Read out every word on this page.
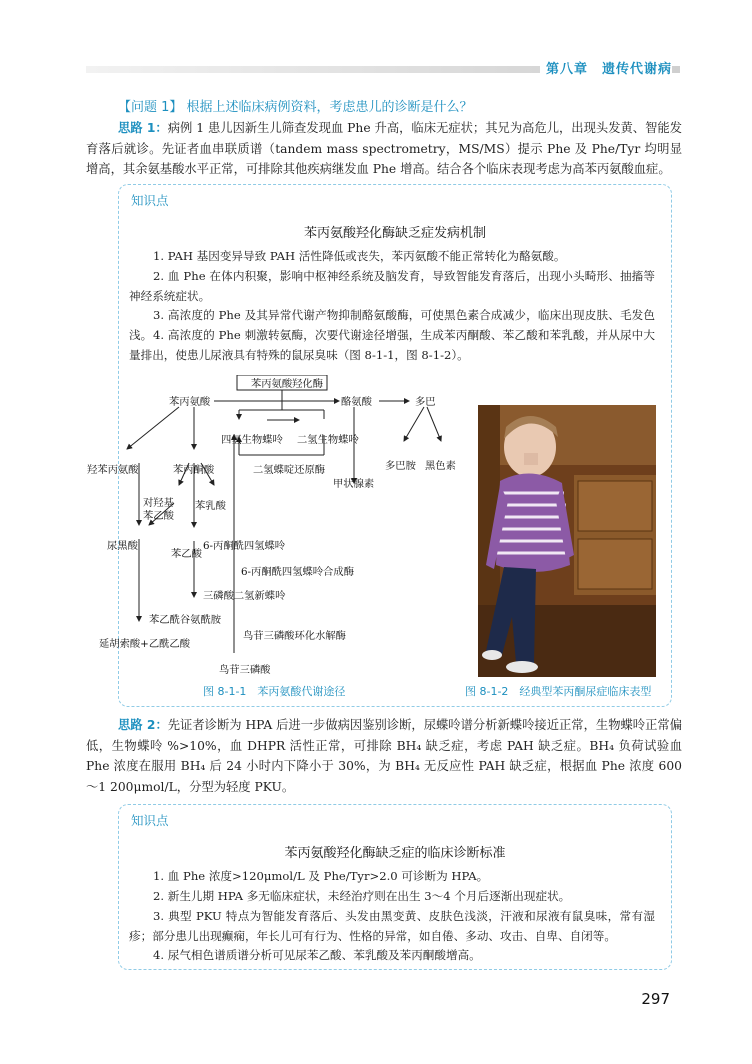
第八章　遗传代谢病
【问题 1】 根据上述临床病例资料，考虑患儿的诊断是什么？

思路 1：病例 1 患儿因新生儿筛查发现血 Phe 升高，临床无症状；其兄为高危儿，出现头发黄、智能发育落后就诊。先证者血串联质谱（tandem mass spectrometry，MS/MS）提示 Phe 及 Phe/Tyr 均明显增高，其余氨基酸水平正常，可排除其他疾病继发血 Phe 增高。结合各个临床表现考虑为高苯丙氨酸血症。

知识点
苯丙氨酸羟化酶缺乏症发病机制

1. PAH 基因变异导致 PAH 活性降低或丧失，苯丙氨酸不能正常转化为酪氨酸。

2. 血 Phe 在体内积聚，影响中枢神经系统及脑发育，导致智能发育落后，出现小头畸形、抽搐等神经系统症状。

3. 高浓度的 Phe 及其异常代谢产物抑制酪氨酸酶，可使黑色素合成减少，临床出现皮肤、毛发色浅。 4. 高浓度的 Phe 刺激转氨酶，次要代谢途径增强，生成苯丙酮酸、苯乙酸和苯乳酸，并从尿中大量排出，使患儿尿液具有特殊的鼠尿臭味（图 8-1-1，图 8-1-2）。

苯丙氨酸羟化酶
苯丙氨酸	酪氨酸	多巴
四氢生物蝶呤 二氢生物蝶呤
二氢蝶啶还原酶	多巴胺 黑色素
甲状腺素
羟苯丙氨酸	苯丙酮酸
对羟基
苯乙酸
苯乳酸
尿黑酸
苯乙酸
6-丙酮酰四氢蝶呤
6-丙酮酰四氢蝶呤合成酶
三磷酸二氢新蝶呤
苯乙酰谷氨酰胺
鸟苷三磷酸环化水解酶
延胡索酸+乙酰乙酸
鸟苷三磷酸
图 8-1-1　苯丙氨酸代谢途径	图 8-1-2　经典型苯丙酮尿症临床表型

思路 2：先证者诊断为 HPA 后进一步做病因鉴别诊断，尿蝶呤谱分析新蝶呤接近正常，生物蝶呤正常偏低，生物蝶呤 %>10%，血 DHPR 活性正常，可排除 BH₄ 缺乏症，考虑 PAH 缺乏症。BH₄ 负荷试验血 Phe 浓度在服用 BH₄ 后 24 小时内下降小于 30%，为 BH₄ 无反应性 PAH 缺乏症，根据血 Phe 浓度 600～1 200μmol/L，分型为轻度 PKU。

知识点
苯丙氨酸羟化酶缺乏症的临床诊断标准

1. 血 Phe 浓度>120μmol/L 及 Phe/Tyr>2.0 可诊断为 HPA。

2. 新生儿期 HPA 多无临床症状，未经治疗则在出生 3～4 个月后逐渐出现症状。

3. 典型 PKU 特点为智能发育落后、头发由黑变黄、皮肤色浅淡，汗液和尿液有鼠臭味，常有湿疹；部分患儿出现癫痫，年长儿可有行为、性格的异常，如自倦、多动、攻击、自卑、自闭等。

4. 尿气相色谱质谱分析可见尿苯乙酸、苯乳酸及苯丙酮酸增高。

297
